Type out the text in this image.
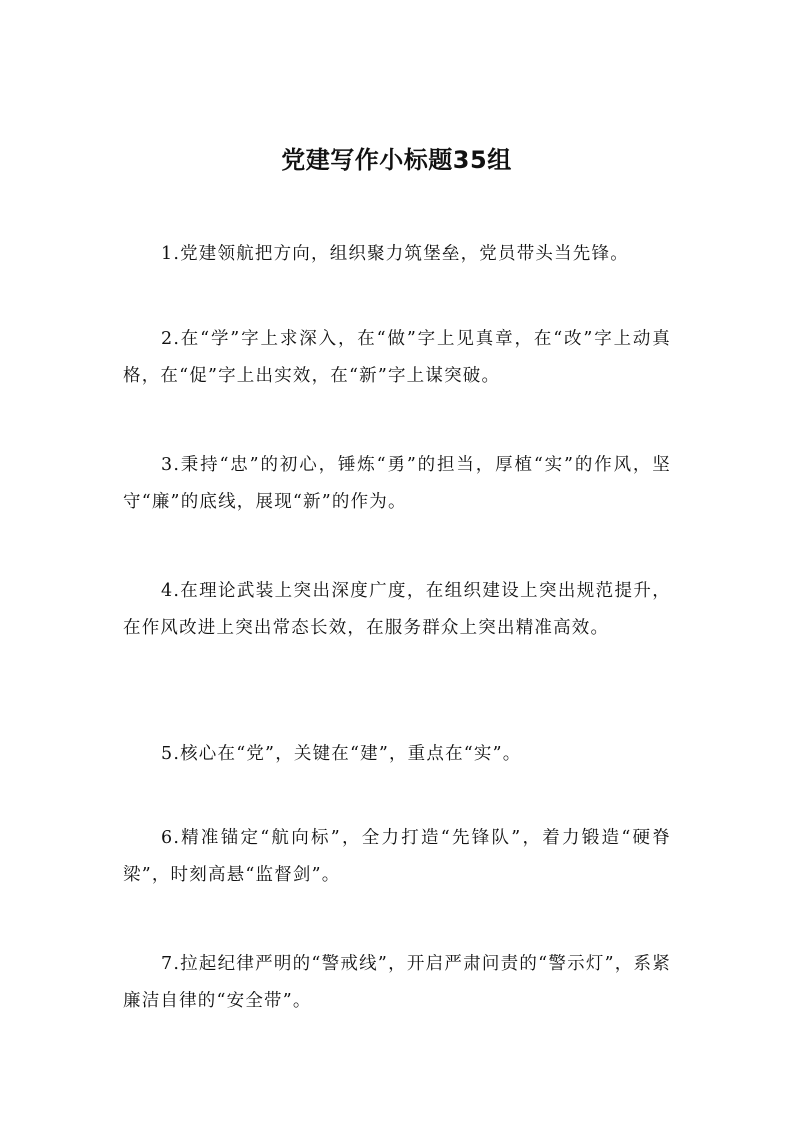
党建写作小标题35组

1.党建领航把方向，组织聚力筑堡垒，党员带头当先锋。

2.在“学”字上求深入，在“做”字上见真章，在“改”字上动真格，在“促”字上出实效，在“新”字上谋突破。

3.秉持“忠”的初心，锤炼“勇”的担当，厚植“实”的作风，坚守“廉”的底线，展现“新”的作为。

4.在理论武装上突出深度广度，在组织建设上突出规范提升，在作风改进上突出常态长效，在服务群众上突出精准高效。

5.核心在“党”，关键在“建”，重点在“实”。

6.精准锚定“航向标”，全力打造“先锋队”，着力锻造“硬脊梁”，时刻高悬“监督剑”。

7.拉起纪律严明的“警戒线”，开启严肃问责的“警示灯”，系紧廉洁自律的“安全带”。
